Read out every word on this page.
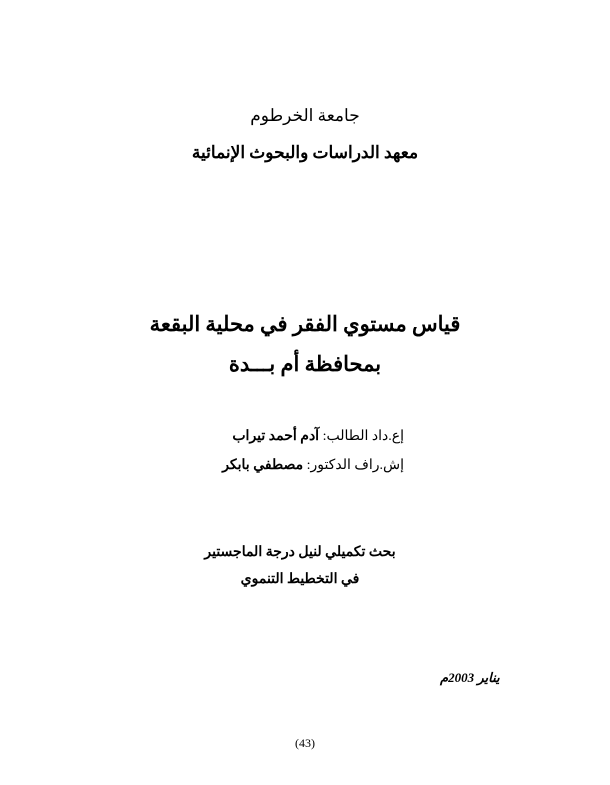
جامعة الخرطوم
معهد الدراسات والبحوث الإنمائية
قياس مستوي الفقر في محلية البقعة
بمحافظة أم بـــدة
إع.داد الطالب: آدم أحمد تيراب
إش.راف الدكتور: مصطفي بابكر
بحث تكميلي لنيل درجة الماجستير
في التخطيط التنموي
يناير 2003م
(43)
